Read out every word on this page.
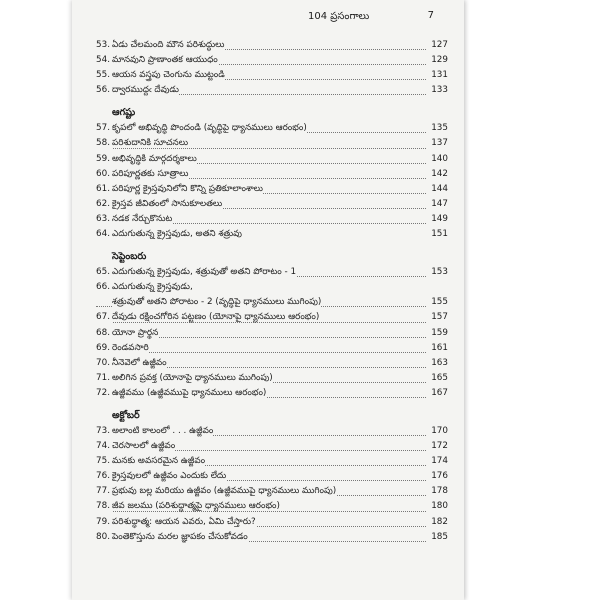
104 ప్రసంగాలు	7
53. ఏడు చేలమంది మౌన పరిశుద్ధులు	127
54. మానవుని ప్రాణాంతక ఆయుధం	129
55. ఆయన వస్త్రపు చెంగును ముట్టండి	131
56. ద్వారముద్దఁ దేవుడు	133
ఆగష్టు
57. కృపలో అభివృద్ధి పొందండి (వృద్ధిపై ధ్యానములు ఆరంభం)	135
58. పరిశుదానికి సూచనలు	137
59. అభివృద్ధికి మార్గదర్శకాలు	140
60. పరిపూర్ణతకు సూత్రాలు	142
61. పరిపూర్ణ క్రైస్తవునిలోని కొన్ని ప్రతికూలాంశాలు	144
62. క్రైస్తవ జీవితంలో సానుకూలతలు	147
63. నడక నేర్చుకొనుట	149
64. ఎదుగుతున్న క్రైస్తవుడు, అతని శత్రువు	151
సెప్టెంబరు
65. ఎదుగుతున్న క్రైస్తవుడు, శత్రువుతో అతని పోరాటం - 1	153
66. ఎదుగుతున్న క్రైస్తవుడు,
శత్రువుతో అతని పోరాటం - 2 (వృద్ధిపై ధ్యానములు ముగింపు)	155
67. దేవుడు రక్షించగోరిన పట్టణం (యోనాపై ధ్యానములు ఆరంభం)	157
68. యోనా ప్రార్థన	159
69. రెండవసారి	161
70. నీనెవెలో ఉజ్జీవం	163
71. అలిగిన ప్రవక్త (యోనాపై ధ్యానములు ముగింపు)	165
72. ఉజ్జీవము (ఉజ్జీవముపై ధ్యానములు ఆరంభం)	167
అక్టోబర్
73. అలాంటి కాలంలో . . . ఉజ్జీవం	170
74. చెరసాలలో ఉజ్జీవం	172
75. మనకు అవసరమైన ఉజ్జీవం	174
76. క్రైస్తవులలో ఉజ్జీవం ఎందుకు లేదు	176
77. ప్రభువు బల్ల మరియు ఉజ్జీవం (ఉజ్జీవముపై ధ్యానములు ముగింపు)	178
78. జీవ జలము (పరిశుద్ధాత్మపై ధ్యానములు ఆరంభం)	180
79. పరిశుద్ధాత్మ: ఆయన ఎవరు, ఏమి చేస్తారు?	182
80. పెంతెకొస్తును మరల జ్ఞాపకం చేసుకోవడం	185
